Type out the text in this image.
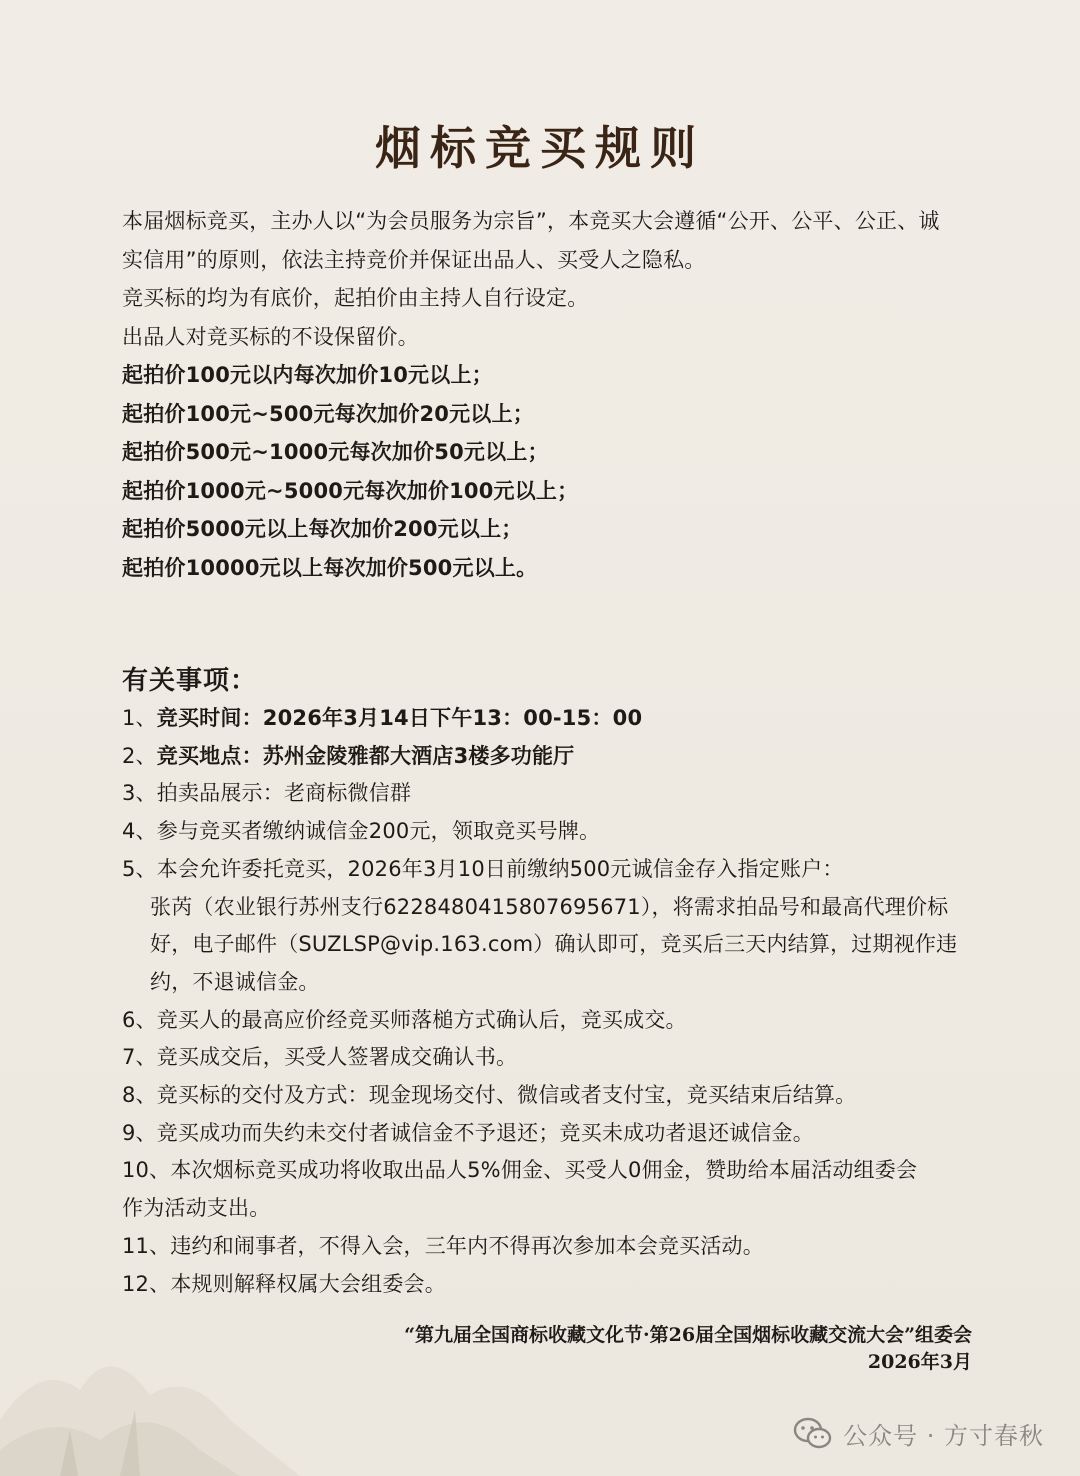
烟标竞买规则
本届烟标竞买，主办人以“为会员服务为宗旨”，本竞买大会遵循“公开、公平、公正、诚
实信用”的原则，依法主持竞价并保证出品人、买受人之隐私。
竞买标的均为有底价，起拍价由主持人自行设定。
出品人对竞买标的不设保留价。
起拍价100元以内每次加价10元以上；
起拍价100元~500元每次加价20元以上；
起拍价500元~1000元每次加价50元以上；
起拍价1000元~5000元每次加价100元以上；
起拍价5000元以上每次加价200元以上；
起拍价10000元以上每次加价500元以上。
有关事项：
1、竞买时间：2026年3月14日下午13：00-15：00
2、竞买地点：苏州金陵雅都大酒店3楼多功能厅
3、拍卖品展示：老商标微信群
4、参与竞买者缴纳诚信金200元，领取竞买号牌。
5、本会允许委托竞买，2026年3月10日前缴纳500元诚信金存入指定账户：
张芮（农业银行苏州支行6228480415807695671），将需求拍品号和最高代理价标
好，电子邮件（SUZLSP@vip.163.com）确认即可，竞买后三天内结算，过期视作违
约，不退诚信金。
6、竞买人的最高应价经竞买师落槌方式确认后，竞买成交。
7、竞买成交后，买受人签署成交确认书。
8、竞买标的交付及方式：现金现场交付、微信或者支付宝，竞买结束后结算。
9、竞买成功而失约未交付者诚信金不予退还；竞买未成功者退还诚信金。
10、本次烟标竞买成功将收取出品人5%佣金、买受人0佣金，赞助给本届活动组委会
作为活动支出。
11、违约和闹事者，不得入会，三年内不得再次参加本会竞买活动。
12、本规则解释权属大会组委会。
“第九届全国商标收藏文化节·第26届全国烟标收藏交流大会”组委会
2026年3月
公众号 · 方寸春秋
